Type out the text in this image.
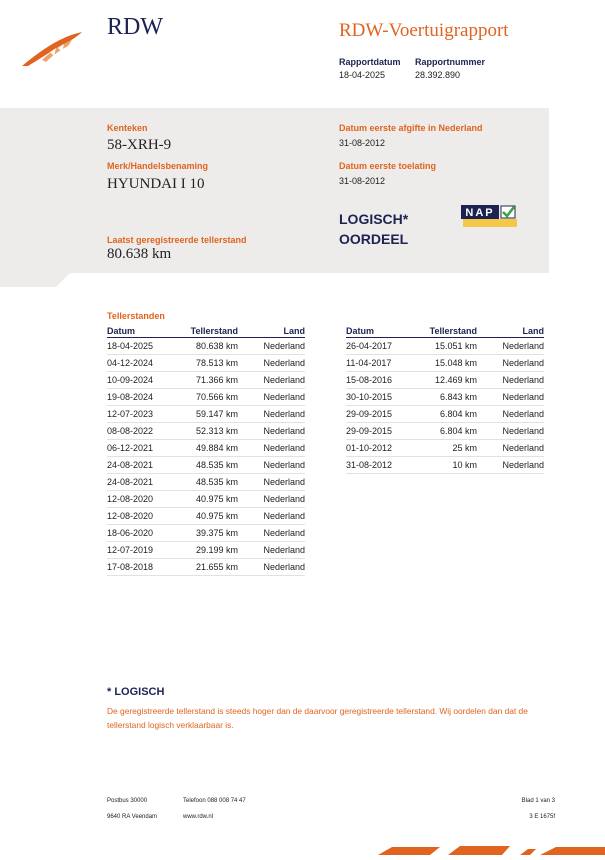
RDW	RDW-Voertuigrapport
Rapportdatum
18-04-2025
Rapportnummer
28.392.890
Kenteken
58-XRH-9
Merk/Handelsbenaming
HYUNDAI I 10
Laatst geregistreerde tellerstand
80.638 km
Datum eerste afgifte in Nederland
31-08-2012
Datum eerste toelating
31-08-2012
LOGISCH*
OORDEEL
NAP
Tellerstanden
Datum	Tellerstand	Land
18-04-2025	80.638 km	Nederland
04-12-2024	78.513 km	Nederland
10-09-2024	71.366 km	Nederland
19-08-2024	70.566 km	Nederland
12-07-2023	59.147 km	Nederland
08-08-2022	52.313 km	Nederland
06-12-2021	49.884 km	Nederland
24-08-2021	48.535 km	Nederland
24-08-2021	48.535 km	Nederland
12-08-2020	40.975 km	Nederland
12-08-2020	40.975 km	Nederland
18-06-2020	39.375 km	Nederland
12-07-2019	29.199 km	Nederland
17-08-2018	21.655 km	Nederland
Datum	Tellerstand	Land
26-04-2017	15.051 km	Nederland
11-04-2017	15.048 km	Nederland
15-08-2016	12.469 km	Nederland
30-10-2015	6.843 km	Nederland
29-09-2015	6.804 km	Nederland
29-09-2015	6.804 km	Nederland
01-10-2012	25 km	Nederland
31-08-2012	10 km	Nederland
* LOGISCH
De geregistreerde tellerstand is steeds hoger dan de daarvoor geregistreerde tellerstand. Wij oordelen dan dat de tellerstand logisch verklaarbaar is.
Postbus 30000
9640 RA Veendam
Telefoon 088 008 74 47
www.rdw.nl
Blad 1 van 3
3 E 1675f
